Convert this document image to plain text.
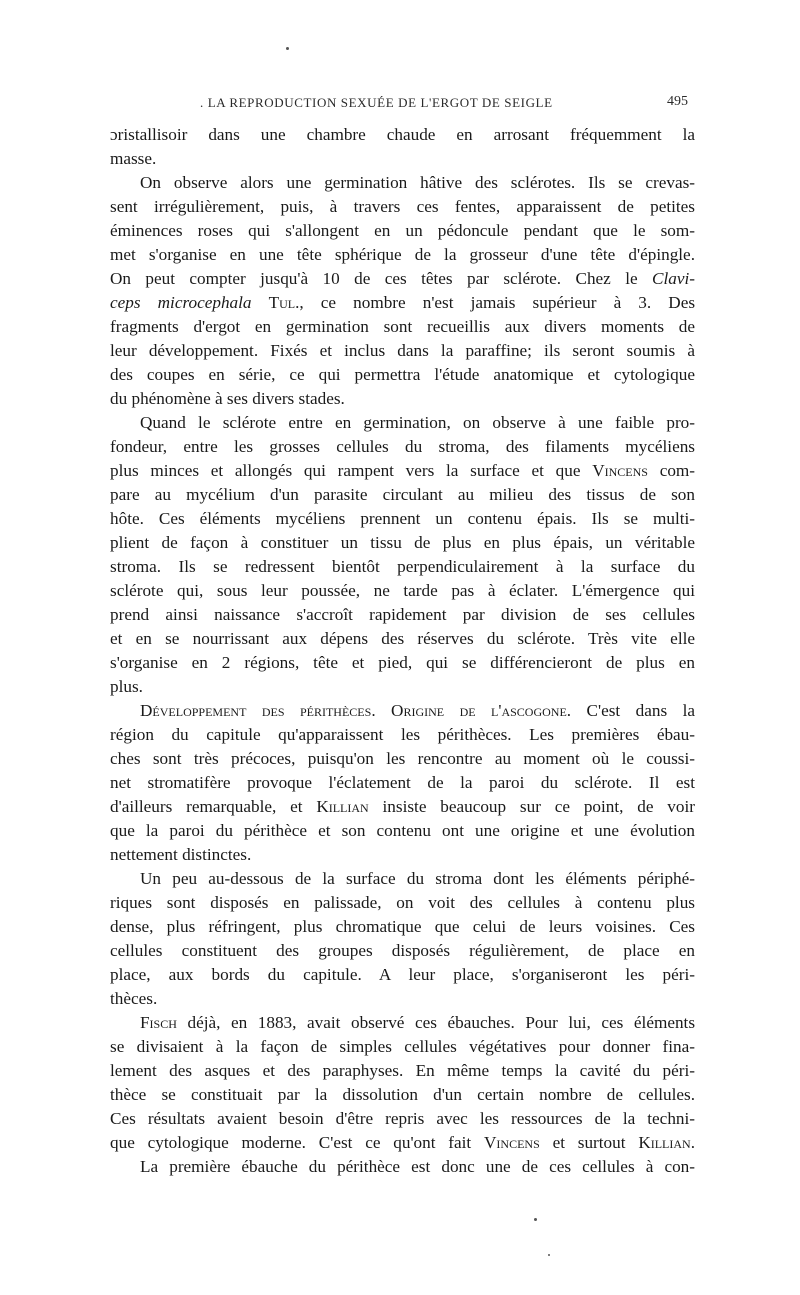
. LA REPRODUCTION SEXUÉE DE L'ERGOT DE SEIGLE	495
ɔristallisoir dans une chambre chaude en arrosant fréquemment la
masse.
On observe alors une germination hâtive des sclérotes. Ils se crevas-
sent irrégulièrement, puis, à travers ces fentes, apparaissent de petites
éminences roses qui s'allongent en un pédoncule pendant que le som-
met s'organise en une tête sphérique de la grosseur d'une tête d'épingle.
On peut compter jusqu'à 10 de ces têtes par sclérote. Chez le Clavi-
ceps microcephala Tul., ce nombre n'est jamais supérieur à 3. Des
fragments d'ergot en germination sont recueillis aux divers moments de
leur développement. Fixés et inclus dans la paraffine; ils seront soumis à
des coupes en série, ce qui permettra l'étude anatomique et cytologique
du phénomène à ses divers stades.
Quand le sclérote entre en germination, on observe à une faible pro-
fondeur, entre les grosses cellules du stroma, des filaments mycéliens
plus minces et allongés qui rampent vers la surface et que Vincens com-
pare au mycélium d'un parasite circulant au milieu des tissus de son
hôte. Ces éléments mycéliens prennent un contenu épais. Ils se multi-
plient de façon à constituer un tissu de plus en plus épais, un véritable
stroma. Ils se redressent bientôt perpendiculairement à la surface du
sclérote qui, sous leur poussée, ne tarde pas à éclater. L'émergence qui
prend ainsi naissance s'accroît rapidement par division de ses cellules
et en se nourrissant aux dépens des réserves du sclérote. Très vite elle
s'organise en 2 régions, tête et pied, qui se différencieront de plus en
plus.
Développement des périthèces. Origine de l'ascogone. C'est dans la
région du capitule qu'apparaissent les périthèces. Les premières ébau-
ches sont très précoces, puisqu'on les rencontre au moment où le coussi-
net stromatifère provoque l'éclatement de la paroi du sclérote. Il est
d'ailleurs remarquable, et Killian insiste beaucoup sur ce point, de voir
que la paroi du périthèce et son contenu ont une origine et une évolution
nettement distinctes.
Un peu au-dessous de la surface du stroma dont les éléments périphé-
riques sont disposés en palissade, on voit des cellules à contenu plus
dense, plus réfringent, plus chromatique que celui de leurs voisines. Ces
cellules constituent des groupes disposés régulièrement, de place en
place, aux bords du capitule. A leur place, s'organiseront les péri-
thèces.
Fisch déjà, en 1883, avait observé ces ébauches. Pour lui, ces éléments
se divisaient à la façon de simples cellules végétatives pour donner fina-
lement des asques et des paraphyses. En même temps la cavité du péri-
thèce se constituait par la dissolution d'un certain nombre de cellules.
Ces résultats avaient besoin d'être repris avec les ressources de la techni-
que cytologique moderne. C'est ce qu'ont fait Vincens et surtout Killian.
La première ébauche du périthèce est donc une de ces cellules à con-
